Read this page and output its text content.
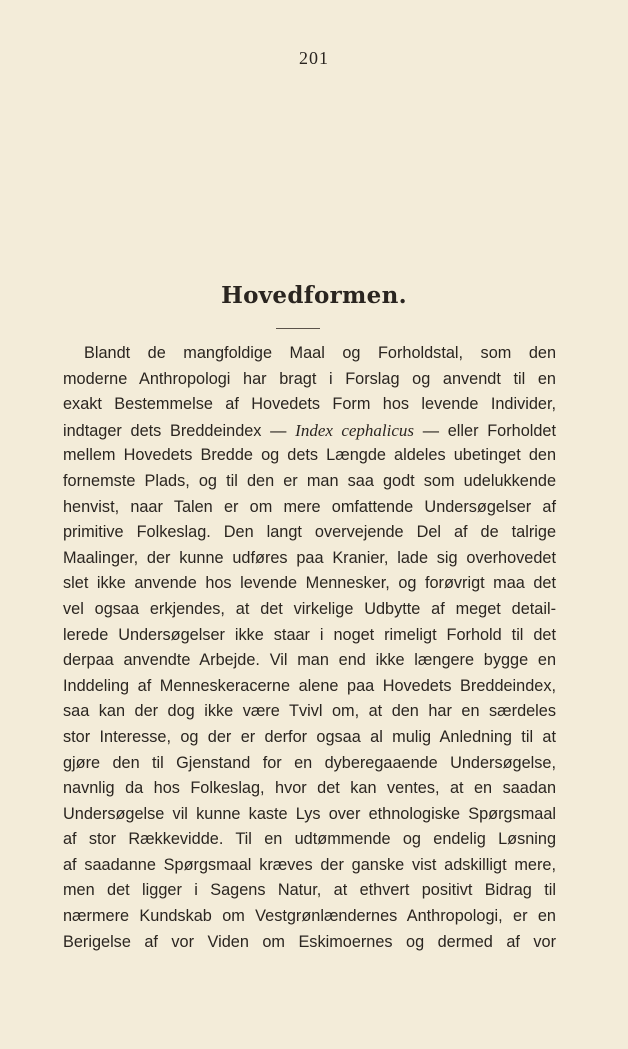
201
Hovedformen.
Blandt de mangfoldige Maal og Forholdstal, som den
moderne Anthropologi har bragt i Forslag og anvendt til en
exakt Bestemmelse af Hovedets Form hos levende Individer,
indtager dets Breddeindex — Index cephalicus — eller Forholdet
mellem Hovedets Bredde og dets Længde aldeles ubetinget den
fornemste Plads, og til den er man saa godt som udelukkende
henvist, naar Talen er om mere omfattende Undersøgelser af
primitive Folkeslag. Den langt overvejende Del af de talrige
Maalinger, der kunne udføres paa Kranier, lade sig overhovedet
slet ikke anvende hos levende Mennesker, og forøvrigt maa det
vel ogsaa erkjendes, at det virkelige Udbytte af meget detail-
lerede Undersøgelser ikke staar i noget rimeligt Forhold til det
derpaa anvendte Arbejde. Vil man end ikke længere bygge en
Inddeling af Menneskeracerne alene paa Hovedets Breddeindex,
saa kan der dog ikke være Tvivl om, at den har en særdeles
stor Interesse, og der er derfor ogsaa al mulig Anledning til at
gjøre den til Gjenstand for en dyberegaaende Undersøgelse,
navnlig da hos Folkeslag, hvor det kan ventes, at en saadan
Undersøgelse vil kunne kaste Lys over ethnologiske Spørgsmaal
af stor Rækkevidde. Til en udtømmende og endelig Løsning
af saadanne Spørgsmaal kræves der ganske vist adskilligt mere,
men det ligger i Sagens Natur, at ethvert positivt Bidrag til
nærmere Kundskab om Vestgrønlændernes Anthropologi, er en
Berigelse af vor Viden om Eskimoernes og dermed af vor
